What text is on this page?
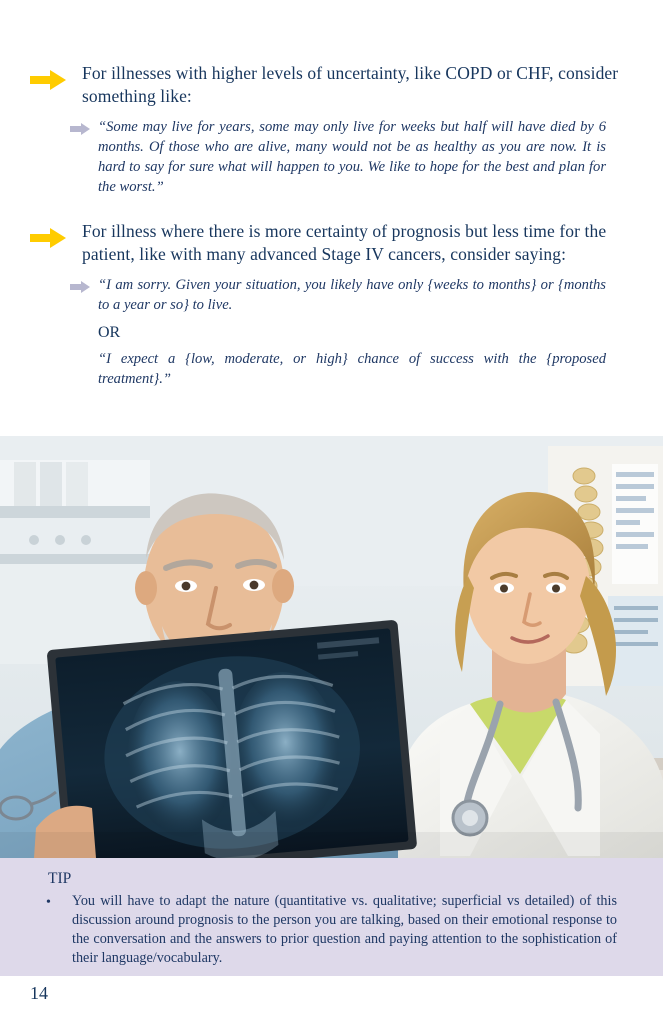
For illnesses with higher levels of uncertainty, like COPD or CHF, consider something like:

“Some may live for years, some may only live for weeks but half will have died by 6 months. Of those who are alive, many would not be as healthy as you are now. It is hard to say for sure what will happen to you. We like to hope for the best and plan for the worst.”

For illness where there is more certainty of prognosis but less time for the patient, like with many advanced Stage IV cancers, consider saying:

“I am sorry. Given your situation, you likely have only {weeks to months} or {months to a year or so} to live.

OR

“I expect a {low, moderate, or high} chance of success with the {proposed treatment}.”

TIP
• You will have to adapt the nature (quantitative vs. qualitative; superficial vs detailed) of this discussion around prognosis to the person you are talking, based on their emotional response to the conversation and the answers to prior question and paying attention to the sophistication of their language/vocabulary.
14
